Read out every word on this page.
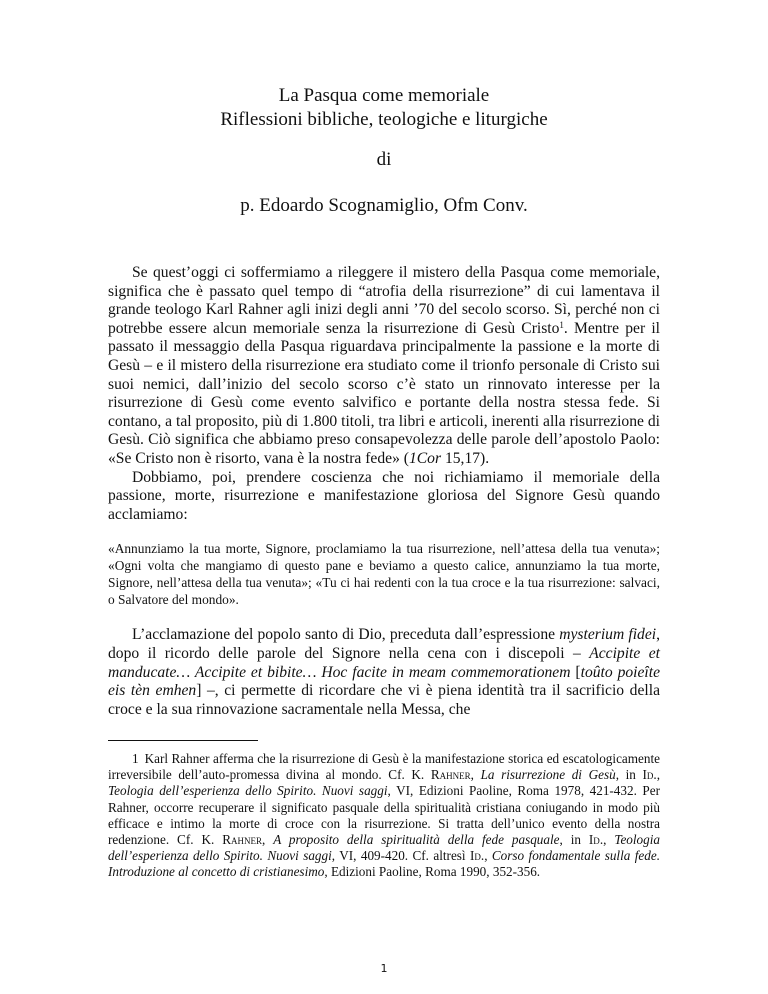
La Pasqua come memoriale
Riflessioni bibliche, teologiche e liturgiche
di
p. Edoardo Scognamiglio, Ofm Conv.

Se quest’oggi ci soffermiamo a rileggere il mistero della Pasqua come memoriale, significa che è passato quel tempo di “atrofia della risurrezione” di cui lamentava il grande teologo Karl Rahner agli inizi degli anni ’70 del secolo scorso. Sì, perché non ci potrebbe essere alcun memoriale senza la risurrezione di Gesù Cristo$^1$. Mentre per il passato il messaggio della Pasqua riguardava principalmente la passione e la morte di Gesù – e il mistero della risurrezione era studiato come il trionfo personale di Cristo sui suoi nemici, dall’inizio del secolo scorso c’è stato un rinnovato interesse per la risurrezione di Gesù come evento salvifico e portante della nostra stessa fede. Si contano, a tal proposito, più di 1.800 titoli, tra libri e articoli, inerenti alla risurrezione di Gesù. Ciò significa che abbiamo preso consapevolezza delle parole dell’apostolo Paolo: «Se Cristo non è risorto, vana è la nostra fede» (1Cor 15,17).

Dobbiamo, poi, prendere coscienza che noi richiamiamo il memoriale della passione, morte, risurrezione e manifestazione gloriosa del Signore Gesù quando acclamiamo:

«Annunziamo la tua morte, Signore, proclamiamo la tua risurrezione, nell’attesa della tua venuta»; «Ogni volta che mangiamo di questo pane e beviamo a questo calice, annunziamo la tua morte, Signore, nell’attesa della tua venuta»; «Tu ci hai redenti con la tua croce e la tua risurrezione: salvaci, o Salvatore del mondo».

L’acclamazione del popolo santo di Dio, preceduta dall’espressione mysterium fidei, dopo il ricordo delle parole del Signore nella cena con i discepoli – Accipite et manducate… Accipite et bibite… Hoc facite in meam commemorationem [toûto poieîte eis tèn emhen] –, ci permette di ricordare che vi è piena identità tra il sacrificio della croce e la sua rinnovazione sacramentale nella Messa, che

1 Karl Rahner afferma che la risurrezione di Gesù è la manifestazione storica ed escatologicamente irreversibile dell’auto-promessa divina al mondo. Cf. K. Rahner, La risurrezione di Gesù, in Id., Teologia dell’esperienza dello Spirito. Nuovi saggi, VI, Edizioni Paoline, Roma 1978, 421-432. Per Rahner, occorre recuperare il significato pasquale della spiritualità cristiana coniugando in modo più efficace e intimo la morte di croce con la risurrezione. Si tratta dell’unico evento della nostra redenzione. Cf. K. Rahner, A proposito della spiritualità della fede pasquale, in Id., Teologia dell’esperienza dello Spirito. Nuovi saggi, VI, 409-420. Cf. altresì Id., Corso fondamentale sulla fede. Introduzione al concetto di cristianesimo, Edizioni Paoline, Roma 1990, 352-356.

1
